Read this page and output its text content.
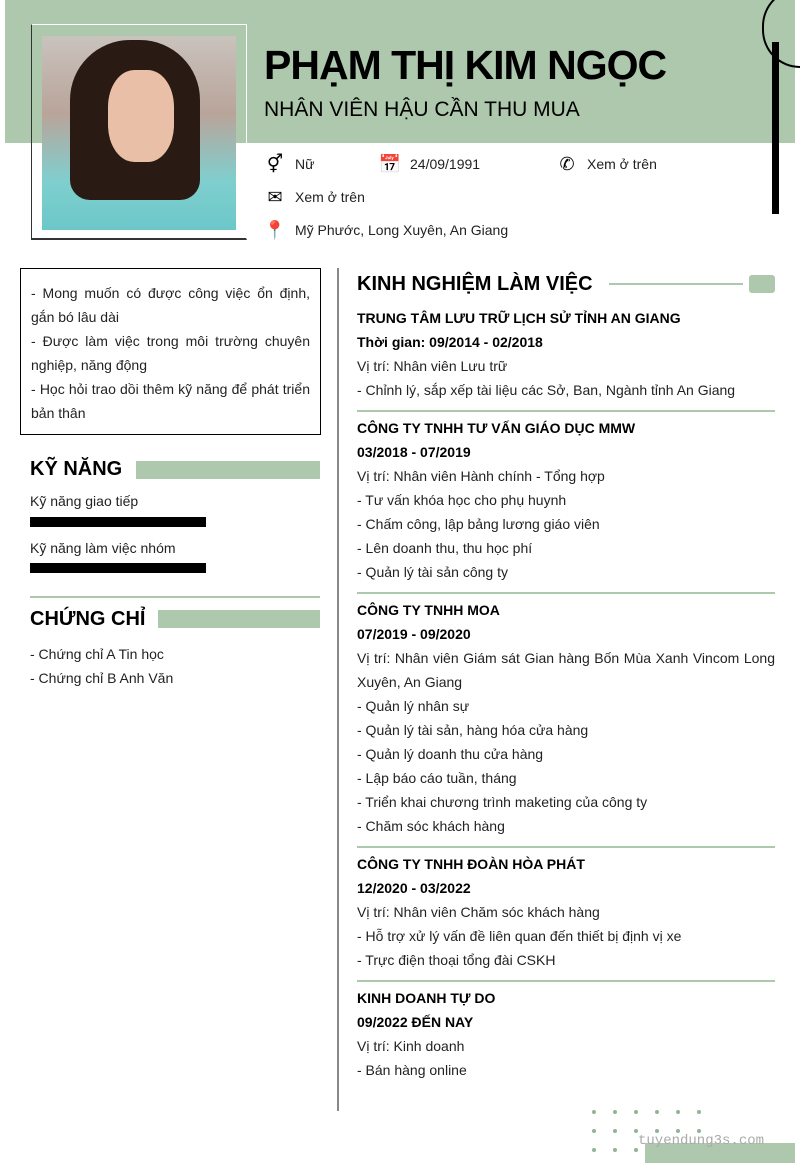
PHẠM THỊ KIM NGỌC
NHÂN VIÊN HẬU CẦN THU MUA
⚥ Nữ	📅 24/09/1991	✆ Xem ở trên
✉ Xem ở trên
📍 Mỹ Phước, Long Xuyên, An Giang

- Mong muốn có được công việc ổn định, gắn bó lâu dài

- Được làm việc trong môi trường chuyên nghiệp, năng động

- Học hỏi trao dồi thêm kỹ năng để phát triển bản thân

KỸ NĂNG
Kỹ năng giao tiếp
Kỹ năng làm việc nhóm
CHỨNG CHỈ

- Chứng chỉ A Tin học

- Chứng chỉ B Anh Văn

KINH NGHIỆM LÀM VIỆC

TRUNG TÂM LƯU TRỮ LỊCH SỬ TỈNH AN GIANG

Thời gian: 09/2014 - 02/2018

Vị trí: Nhân viên Lưu trữ

- Chỉnh lý, sắp xếp tài liệu các Sở, Ban, Ngành tỉnh An Giang

CÔNG TY TNHH TƯ VẤN GIÁO DỤC MMW

03/2018 - 07/2019

Vị trí: Nhân viên Hành chính - Tổng hợp

- Tư vấn khóa học cho phụ huynh

- Chấm công, lập bảng lương giáo viên

- Lên doanh thu, thu học phí

- Quản lý tài sản công ty

CÔNG TY TNHH MOA

07/2019 - 09/2020

Vị trí: Nhân viên Giám sát Gian hàng Bốn Mùa Xanh Vincom Long Xuyên, An Giang

- Quản lý nhân sự

- Quản lý tài sản, hàng hóa cửa hàng

- Quản lý doanh thu cửa hàng

- Lập báo cáo tuần, tháng

- Triển khai chương trình maketing của công ty

- Chăm sóc khách hàng

CÔNG TY TNHH ĐOÀN HÒA PHÁT

12/2020 - 03/2022

Vị trí: Nhân viên Chăm sóc khách hàng

- Hỗ trợ xử lý vấn đề liên quan đến thiết bị định vị xe

- Trực điện thoại tổng đài CSKH

KINH DOANH TỰ DO

09/2022 ĐẾN NAY

Vị trí: Kinh doanh

- Bán hàng online

tuyendung3s.com
